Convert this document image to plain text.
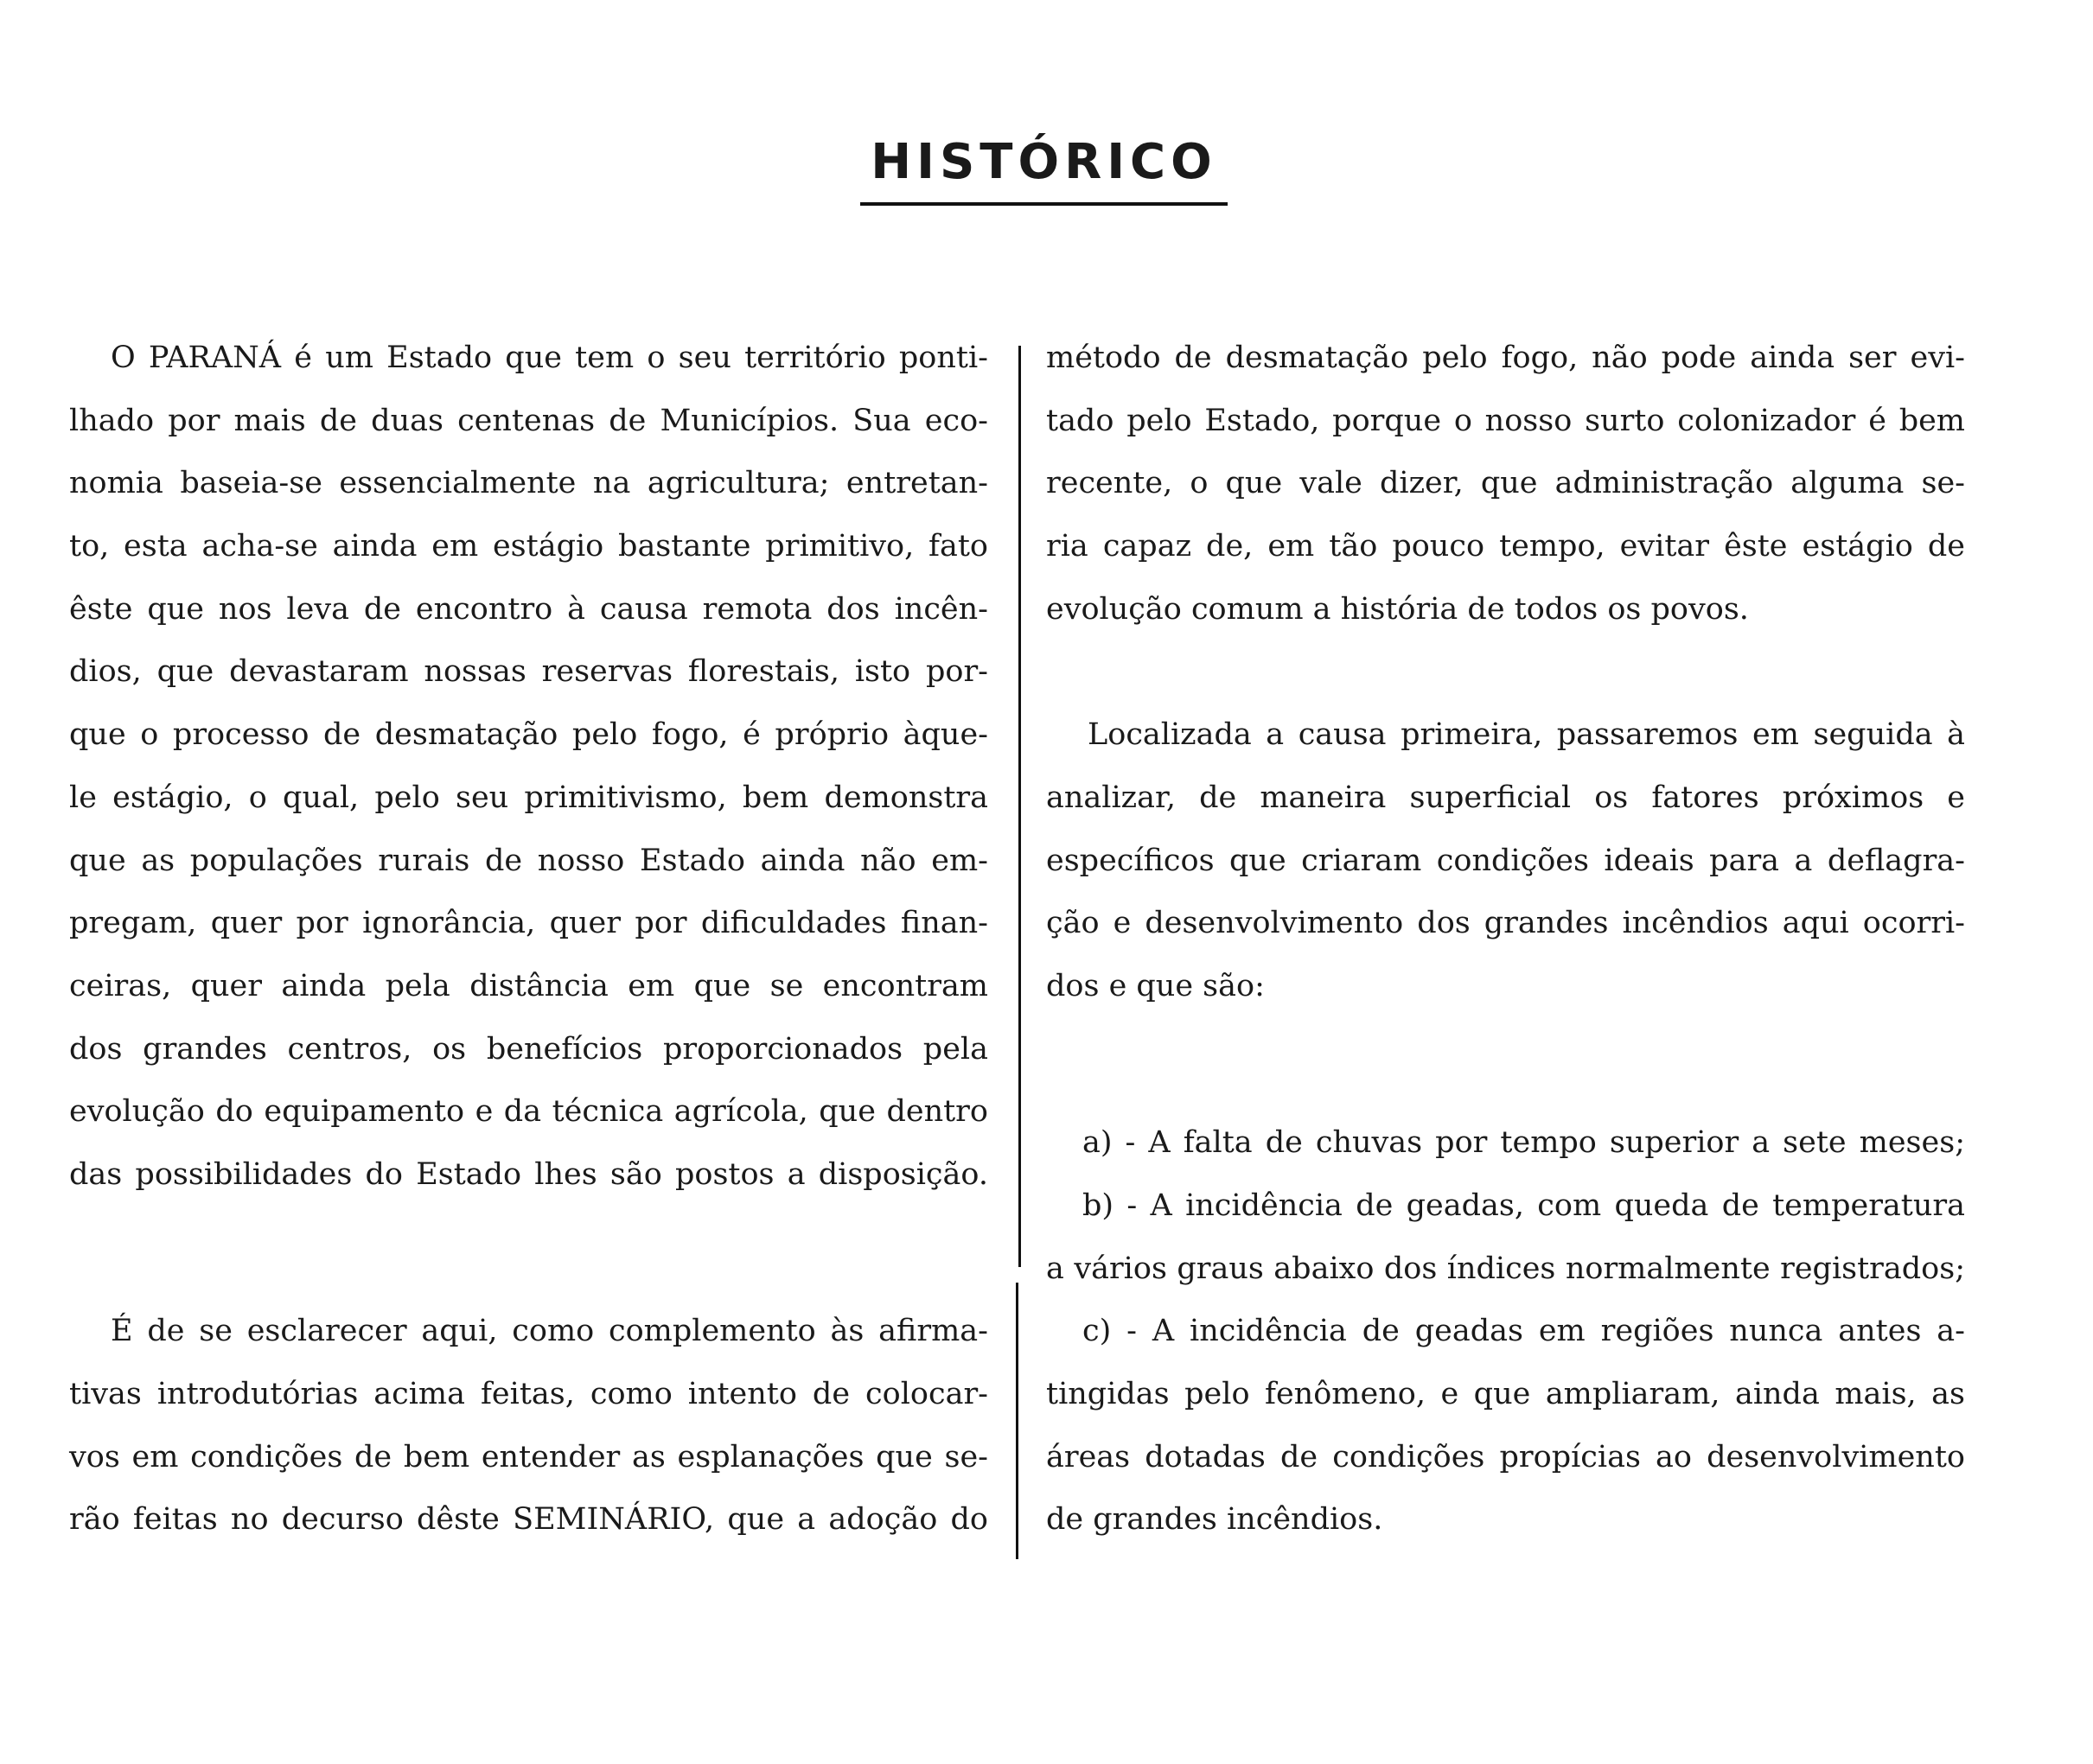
HISTÓRICO
O PARANÁ é um Estado que tem o seu território ponti-
lhado por mais de duas centenas de Municípios. Sua eco-
nomia baseia-se essencialmente na agricultura; entretan-
to, esta acha-se ainda em estágio bastante primitivo, fato
êste que nos leva de encontro à causa remota dos incên-
dios, que devastaram nossas reservas florestais, isto por-
que o processo de desmatação pelo fogo, é próprio àque-
le estágio, o qual, pelo seu primitivismo, bem demonstra
que as populações rurais de nosso Estado ainda não em-
pregam, quer por ignorância, quer por dificuldades finan-
ceiras, quer ainda pela distância em que se encontram
dos grandes centros, os benefícios proporcionados pela
evolução do equipamento e da técnica agrícola, que dentro
das possibilidades do Estado lhes são postos a disposição.
É de se esclarecer aqui, como complemento às afirma-
tivas introdutórias acima feitas, como intento de colocar-
vos em condições de bem entender as esplanações que se-
rão feitas no decurso dêste SEMINÁRIO, que a adoção do
método de desmatação pelo fogo, não pode ainda ser evi-
tado pelo Estado, porque o nosso surto colonizador é bem
recente, o que vale dizer, que administração alguma se-
ria capaz de, em tão pouco tempo, evitar êste estágio de
evolução comum a história de todos os povos.
Localizada a causa primeira, passaremos em seguida à
analizar, de maneira superficial os fatores próximos e
específicos que criaram condições ideais para a deflagra-
ção e desenvolvimento dos grandes incêndios aqui ocorri-
dos e que são:
a) - A falta de chuvas por tempo superior a sete meses;
b) - A incidência de geadas, com queda de temperatura
a vários graus abaixo dos índices normalmente registrados;
c) - A incidência de geadas em regiões nunca antes a-
tingidas pelo fenômeno, e que ampliaram, ainda mais, as
áreas dotadas de condições propícias ao desenvolvimento
de grandes incêndios.
